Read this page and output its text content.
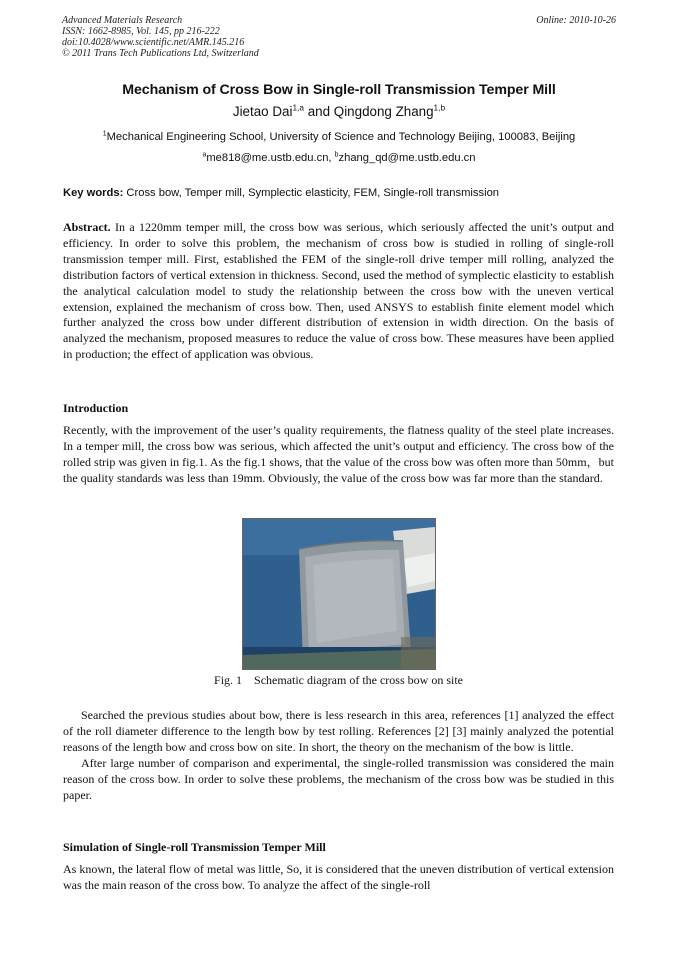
Advanced Materials Research
ISSN: 1662-8985, Vol. 145, pp 216-222
doi:10.4028/www.scientific.net/AMR.145.216
© 2011 Trans Tech Publications Ltd, Switzerland
Online: 2010-10-26
Mechanism of Cross Bow in Single-roll Transmission Temper Mill
Jietao Dai$^{1,a}$ and Qingdong Zhang$^{1,b}$
$^1$Mechanical Engineering School, University of Science and Technology Beijing, 100083, Beijing
$^a$me818@me.ustb.edu.cn, $^b$zhang_qd@me.ustb.edu.cn
Key words: Cross bow, Temper mill, Symplectic elasticity, FEM, Single-roll transmission
Abstract. In a 1220mm temper mill, the cross bow was serious, which seriously affected the unit’s output and efficiency. In order to solve this problem, the mechanism of cross bow is studied in rolling of single-roll transmission temper mill. First, established the FEM of the single-roll drive temper mill rolling, analyzed the distribution factors of vertical extension in thickness. Second, used the method of symplectic elasticity to establish the analytical calculation model to study the relationship between the cross bow with the uneven vertical extension, explained the mechanism of cross bow. Then, used ANSYS to establish finite element model which further analyzed the cross bow under different distribution of extension in width direction. On the basis of analyzed the mechanism, proposed measures to reduce the value of cross bow. These measures have been applied in production; the effect of application was obvious.
Introduction
Recently, with the improvement of the user’s quality requirements, the flatness quality of the steel plate increases. In a temper mill, the cross bow was serious, which affected the unit’s output and efficiency. The cross bow of the rolled strip was given in fig.1. As the fig.1 shows, that the value of the cross bow was often more than 50mm，but the quality standards was less than 19mm. Obviously, the value of the cross bow was far more than the standard.
Fig. 1 Schematic diagram of the cross bow on site
Searched the previous studies about bow, there is less research in this area, references [1] analyzed the effect of the roll diameter difference to the length bow by test rolling. References [2] [3] mainly analyzed the potential reasons of the length bow and cross bow on site. In short, the theory on the mechanism of the bow is little.
After large number of comparison and experimental, the single-rolled transmission was considered the main reason of the cross bow. In order to solve these problems, the mechanism of the cross bow was be studied in this paper.
Simulation of Single-roll Transmission Temper Mill
As known, the lateral flow of metal was little, So, it is considered that the uneven distribution of vertical extension was the main reason of the cross bow. To analyze the affect of the single-roll
